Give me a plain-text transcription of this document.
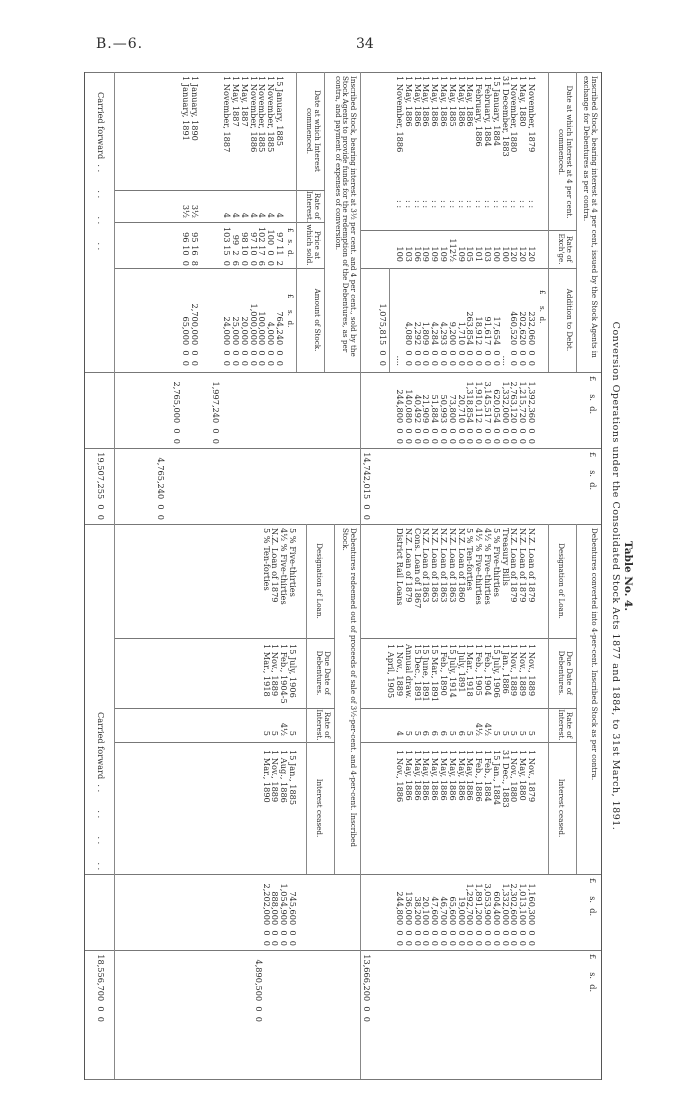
B.—6.	34
Table No. 4.
Conversion Operations under the Consolidated Stock Acts 1877 and 1884, to 31st March, 1891.
£     s.  d.
£     s.  d.
£     s.  d.
£     s.  d.
Inscribed Stock, bearing interest at 4 per cent, issued by the Stock Agents in exchange for Debentures as per contra.
Date at which Interest at 4 per cent. commenced.
Rate of Exch'ge.
Addition to Debt.
£     s.  d.
1 November, 1879
1 May, 1880
1 November, 1880
31 December, 1883
15 January, 1884
1 February, 1884
1 February, 1886
1 May, 1886
1 May, 1886
1 May, 1885
1 May, 1886
1 May, 1886
1 May, 1886
1 May, 1886
1 May, 1886
1 November, 1886
: :
: :
: :
: :
: :
: :
: :
: :
: :
: :
: :
: :
: :
: :
: :
: :
120
120
120
100
100
103
101
105
109
112½
109
109
109
106
103
100
232,060  0  0
202,620  0  0
460,520  0  0
....
17,654  0  0
91,617  0  0
18,912  0  0
263,854  0  0
1,710  0  0
9,200  0  0
4,293  0  0
4,284  0  0
1,809  0  0
2,292  0  0
4,080  0  0
....
1,392,360  0  0
1,215,720  0  0
2,763,120  0  0
1,332,000  0  0
620,054  0  0
3,145,517  0  0
1,910,112  0  0
1,318,854  0  0
20,710  0  0
73,800  0  0
50,993  0  0
51,884  0  0
21,909  0  0
40,492  0  0
140,080  0  0
244,800  0  0
1,075,815  0  0
14,742,015  0  0
Inscribed Stock, bearing interest at 3½ per cent. and 4 per cent., sold by the Stock Agents to provide funds for the redemption of the Debentures, as per contra, and payment of expenses of conversion.
Date at which Interest commenced.
Rate of Interest.
Price at which sold.
Amount of Stock.
£   s.  d.
£     s.  d.
15 January, 1885
1 November, 1885
1 November, 1885
1 November, 1886
1 May, 1887
1 May, 1887
1 November, 1887
4
4
4
4
4
4
4
97 11  2
100  0  0
102 17  6
97 10  0
98 10  0
99  2  6
103 15  0
764,240  0  0
4,000  0  0
100,000  0  0
1,000,000  0  0
20,000  0  0
25,000  0  0
24,000  0  0
1,997,240  0  0
1 January, 1890
1 January, 1891
3½
3½
95 16  8
96 10  0
2,700,000  0  0
65,000  0  0
2,765,000  0  0
4,765,240  0  0
Carried forward  . .       . .       . .       . .
19,507,255  0  0
Debentures converted into 4-per-cent. Inscribed Stock as per contra.
Designation of Loan.
Due Date of Debentures.
Rate of Interest.
Interest ceased.
N.Z. Loan of 1879
N.Z. Loan of 1879
N.Z. Loan of 1879
Treasury Bills
5 % Five-thirties
4½ % Five-thirties
4½ % Five-thirties
5 % Ten-forties
N.Z. Loan of 1860
N.Z. Loan of 1863
N.Z. Loan of 1863
N.Z. Loan of 1863
N.Z. Loan of 1863
Cons. Loan of 1867
N.Z. Loan of 1879
District Rail Loans
1 Nov., 1889
1 Nov., 1889
1 Nov., 1889
1 Jan., 1886
15 July, 1906
1 Feb., 1904
1 Feb., 1905
1 Mar., 1918
1 July, 1891
15 July, 1914
1 Feb., 1890
15 Mar., 1891
15 June, 1891
15 Dec., 1891
Annual draw.
1 Nov., 1889
1 April, 1905
5
5
5
5
5
4½
4½
5
6
5
6
6
6
5
5
4
1 Nov., 1879
1 May, 1880
1 Nov., 1880
31 Dec., 1883
15 Jan., 1884
1 Feb., 1884
1 Feb., 1886
1 May, 1886
1 May, 1886
1 May, 1886
1 May, 1886
1 May, 1886
1 May, 1886
1 May, 1886
1 May, 1886
1 Nov., 1886
1,160,300  0  0
1,013,100  0  0
2,302,600  0  0
1,332,000  0  0
604,400  0  0
3,053,900  0  0
1,891,200  0  0
1,292,700  0  0
19,000  0  0
65,600  0  0
46,700  0  0
47,600  0  0
20,100  0  0
38,200  0  0
136,000  0  0
244,800  0  0
13,666,200  0  0
Debentures redeemed out of proceeds of sale of 3½-per-cent. and 4-per-cent. Inscribed Stock.
Designation of Loan.
Due Date of Debentures.
Rate of Interest.
Interest ceased.
5 % Five-thirties
4½ % Five-thirties
N.Z. Loan of 1879
5 % Ten-forties
15 July, 1906
1 Feb., 1904-5
1 Nov., 1889
1 Mar., 1918
5
4½
5
5
15 Jan., 1885
1 Aug., 1886
1 Nov., 1889
1 Mar., 1890
745,600  0  0
1,054,900  0  0
888,000  0  0
2,202,000  0  0
4,890,500  0  0
Carried forward  . .       . .       . .       . .
18,556,700  0  0
